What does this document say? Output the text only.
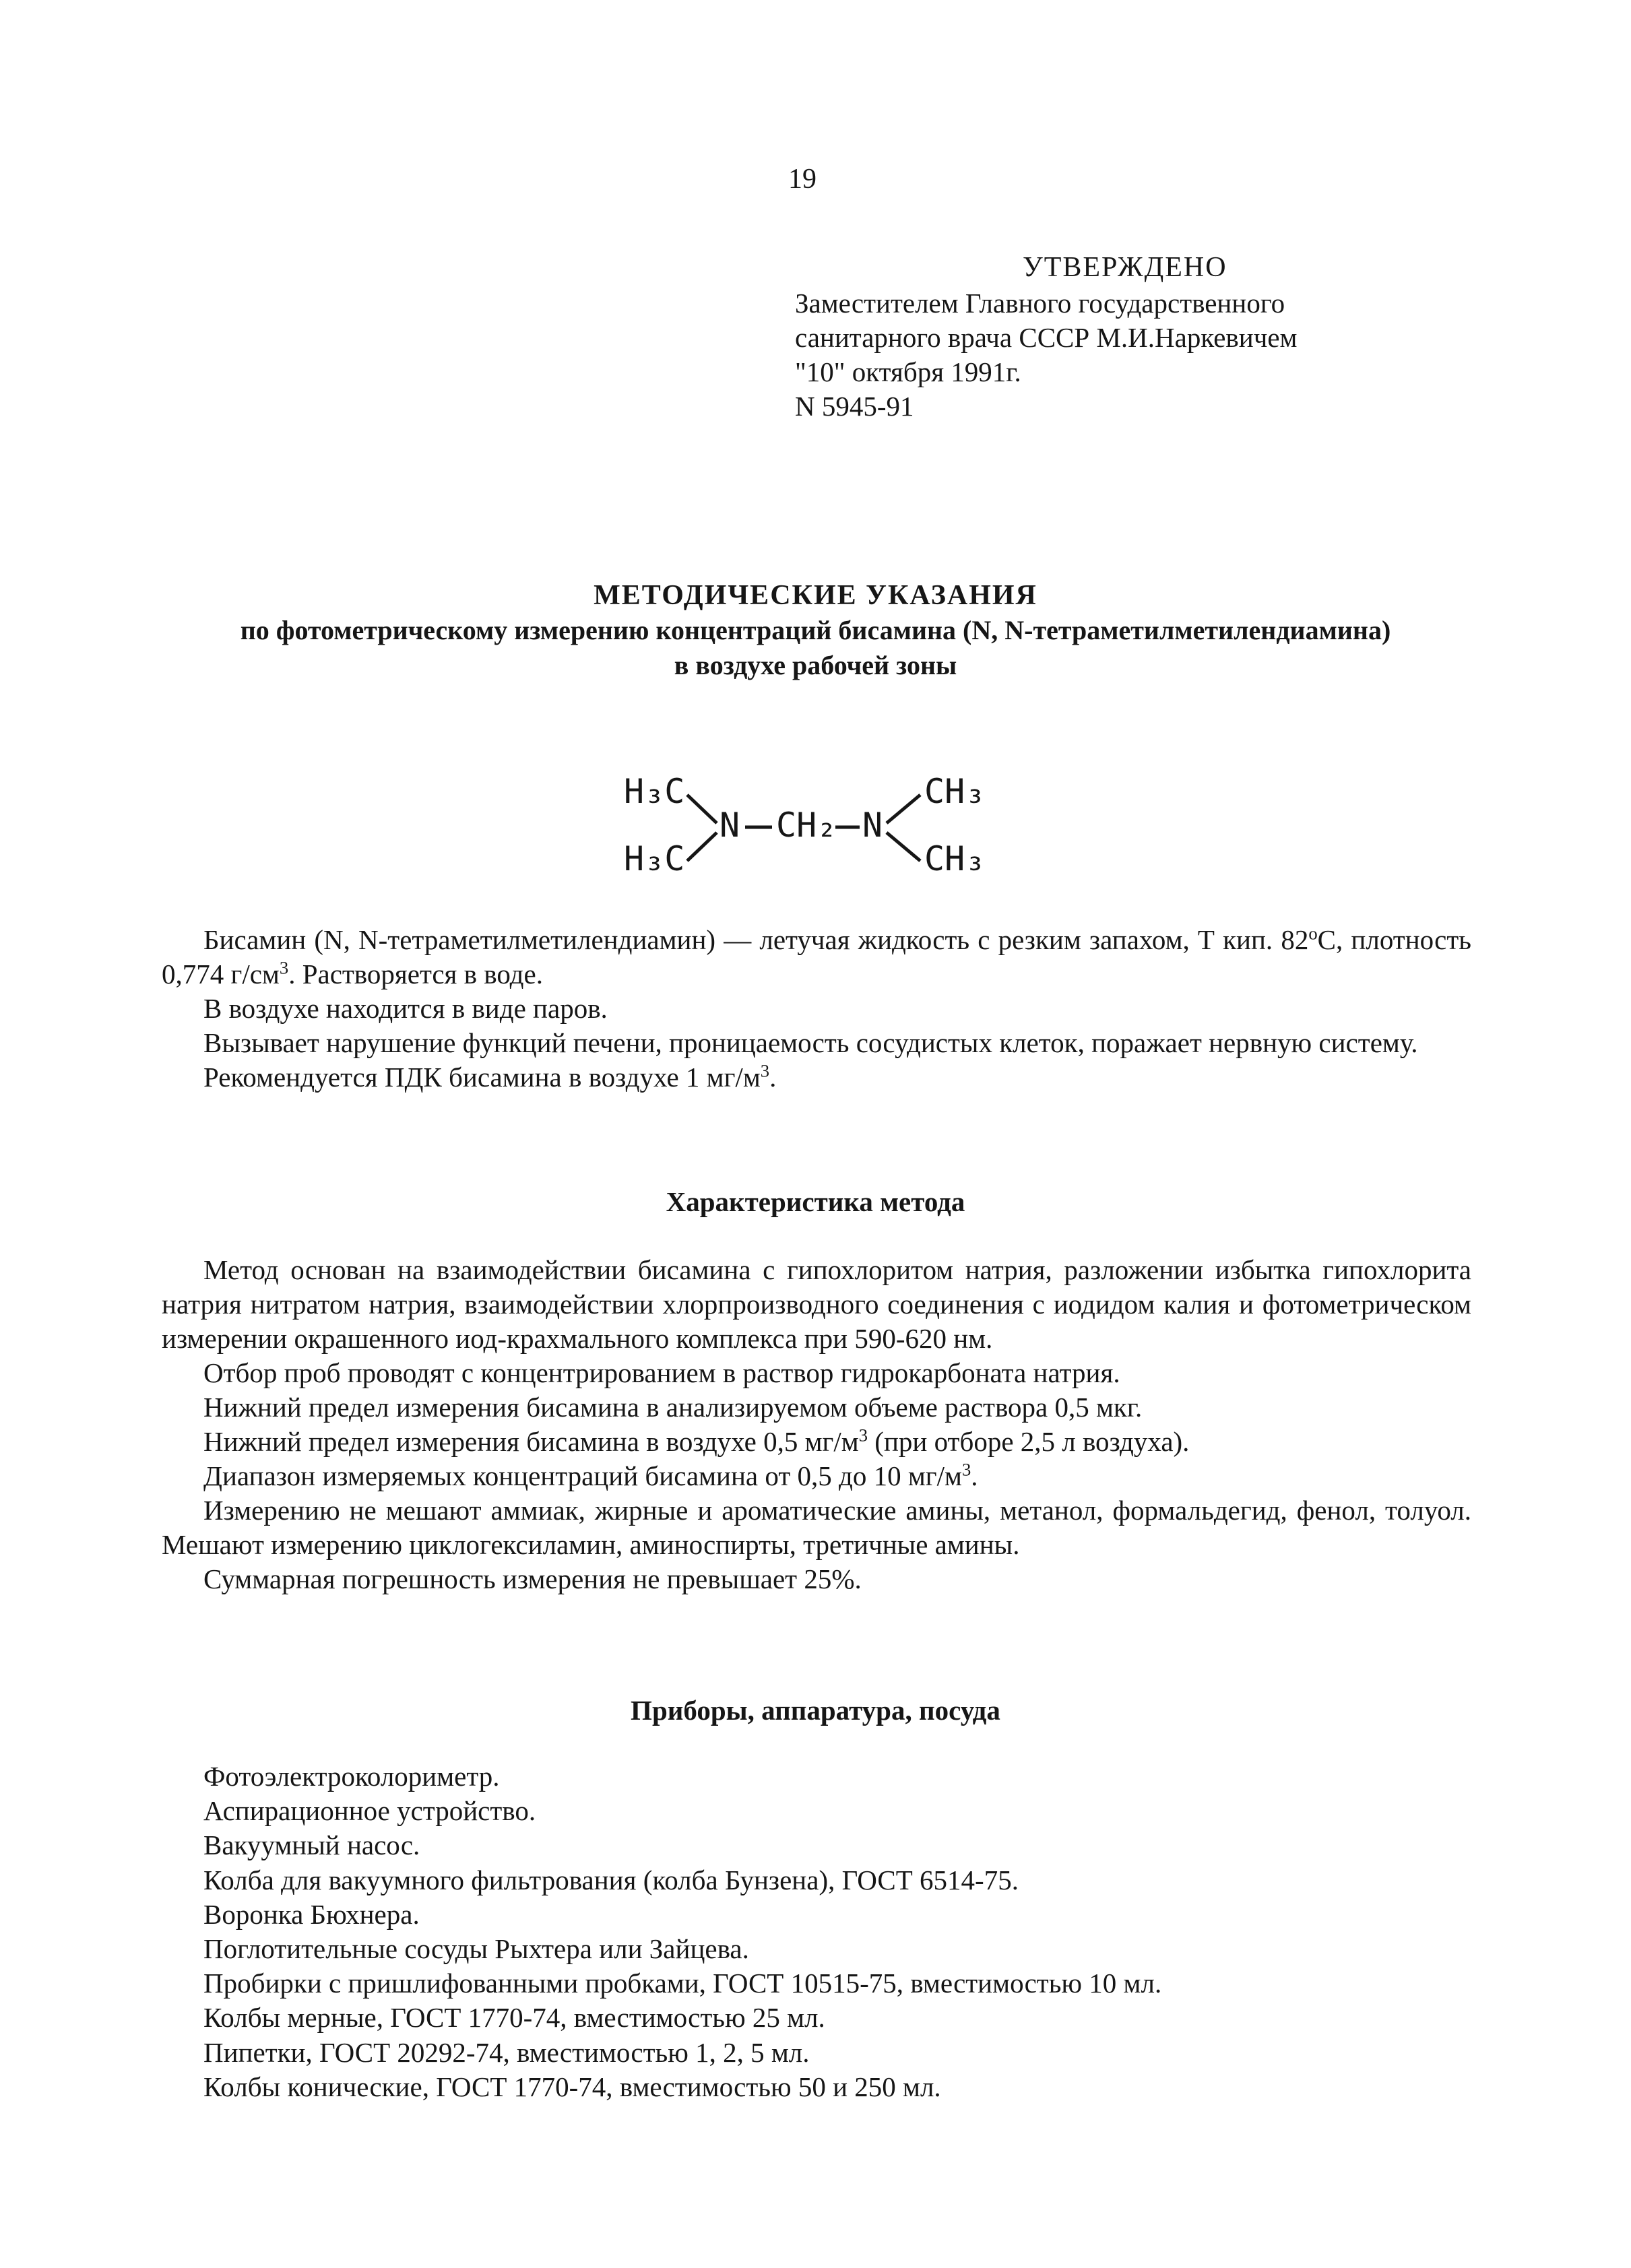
19
УТВЕРЖДЕНО
Заместителем Главного государственного
санитарного врача СССР М.И.Наркевичем
"10" октября 1991г.
N 5945-91
МЕТОДИЧЕСКИЕ УКАЗАНИЯ
по фотометрическому измерению концентраций бисамина (N, N-тетраметилметилендиамина)
в воздухе рабочей зоны
H₃C
H₃C
N CH₂ N
CH₃
CH₃

Бисамин (N, N-тетраметилметилендиамин) — летучая жидкость с резким запахом, Т кип. $82^оС$, плотность 0,774 $г/см^3$. Растворяется в воде.

В воздухе находится в виде паров.

Вызывает нарушение функций печени, проницаемость сосудистых клеток, поражает нервную систему.

Рекомендуется ПДК бисамина в воздухе 1 $мг/м^3$.

Характеристика метода

Метод основан на взаимодействии бисамина с гипохлоритом натрия, разложении избытка гипохлорита натрия нитратом натрия, взаимодействии хлорпроизводного соединения с иодидом калия и фотометрическом измерении окрашенного иод-крахмального комплекса при 590-620 нм.

Отбор проб проводят с концентрированием в раствор гидрокарбоната натрия.

Нижний предел измерения бисамина в анализируемом объеме раствора 0,5 мкг.

Нижний предел измерения бисамина в воздухе 0,5 $мг/м^3$ (при отборе 2,5 л воздуха).

Диапазон измеряемых концентраций бисамина от 0,5 до 10 $мг/м^3$.

Измерению не мешают аммиак, жирные и ароматические амины, метанол, формальдегид, фенол, толуол. Мешают измерению циклогексиламин, аминоспирты, третичные амины.

Суммарная погрешность измерения не превышает 25%.

Приборы, аппаратура, посуда
Фотоэлектроколориметр.
Аспирационное устройство.
Вакуумный насос.
Колба для вакуумного фильтрования (колба Бунзена), ГОСТ 6514-75.
Воронка Бюхнера.
Поглотительные сосуды Рыхтера или Зайцева.
Пробирки с пришлифованными пробками, ГОСТ 10515-75, вместимостью 10 мл.
Колбы мерные, ГОСТ 1770-74, вместимостью 25 мл.
Пипетки, ГОСТ 20292-74, вместимостью 1, 2, 5 мл.
Колбы конические, ГОСТ 1770-74, вместимостью 50 и 250 мл.
